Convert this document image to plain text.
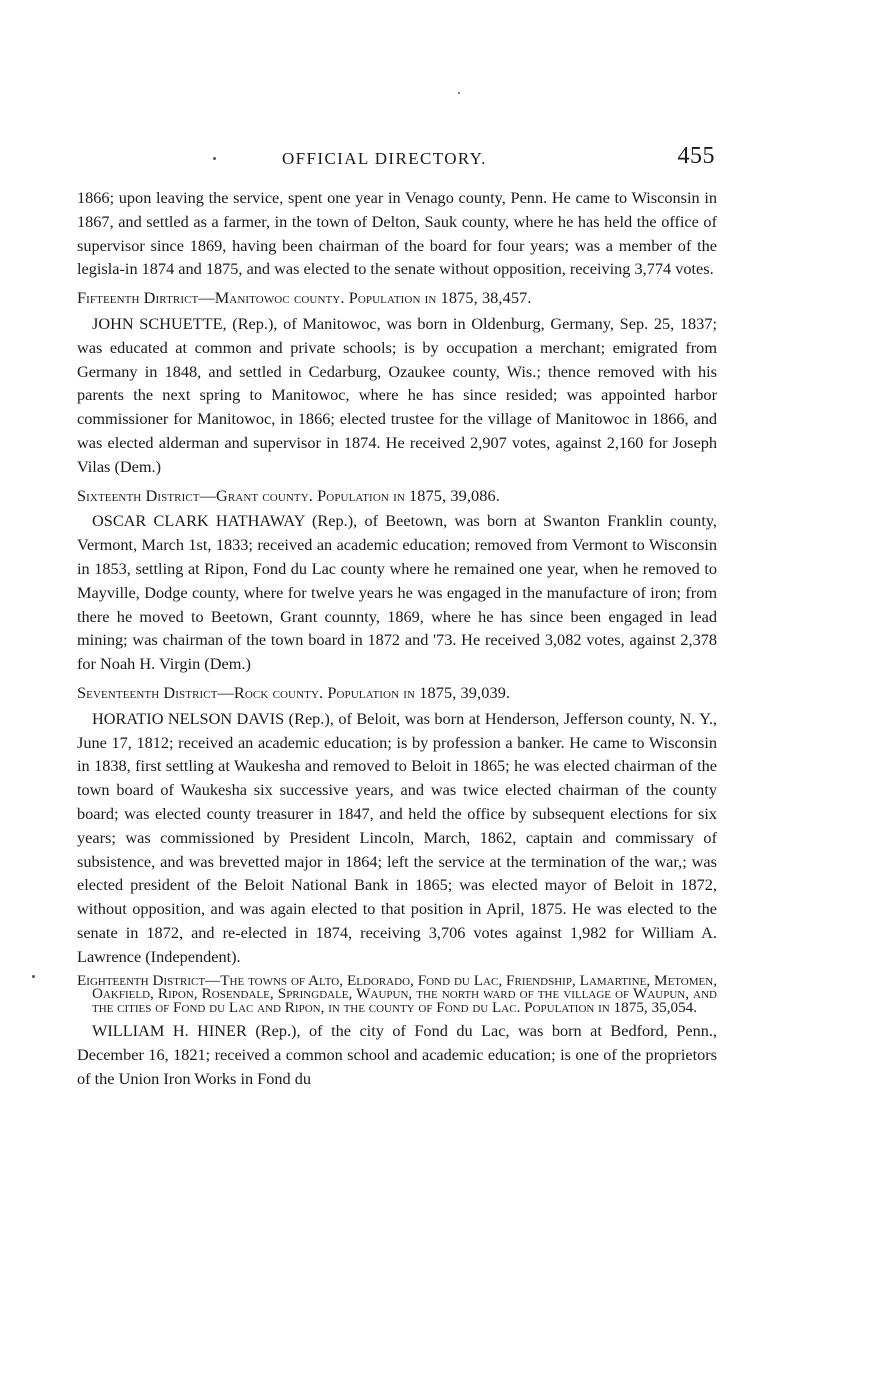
OFFICIAL DIRECTORY.	455

1866; upon leaving the service, spent one year in Venago county, Penn. He came to Wisconsin in 1867, and settled as a farmer, in the town of Delton, Sauk county, where he has held the office of supervisor since 1869, having been chairman of the board for four years; was a member of the legisla-in 1874 and 1875, and was elected to the senate without opposition, receiving 3,774 votes.

Fifteenth Dirtrict—Manitowoc county. Population in 1875, 38,457.

JOHN SCHUETTE, (Rep.), of Manitowoc, was born in Oldenburg, Germany, Sep. 25, 1837; was educated at common and private schools; is by occupation a merchant; emigrated from Germany in 1848, and settled in Cedarburg, Ozaukee county, Wis.; thence removed with his parents the next spring to Manitowoc, where he has since resided; was appointed harbor commissioner for Manitowoc, in 1866; elected trustee for the village of Manitowoc in 1866, and was elected alderman and supervisor in 1874. He received 2,907 votes, against 2,160 for Joseph Vilas (Dem.)

Sixteenth District—Grant county. Population in 1875, 39,086.

OSCAR CLARK HATHAWAY (Rep.), of Beetown, was born at Swanton Franklin county, Vermont, March 1st, 1833; received an academic education; removed from Vermont to Wisconsin in 1853, settling at Ripon, Fond du Lac county where he remained one year, when he removed to Mayville, Dodge county, where for twelve years he was engaged in the manufacture of iron; from there he moved to Beetown, Grant counnty, 1869, where he has since been engaged in lead mining; was chairman of the town board in 1872 and '73. He received 3,082 votes, against 2,378 for Noah H. Virgin (Dem.)

Seventeenth District—Rock county. Population in 1875, 39,039.

HORATIO NELSON DAVIS (Rep.), of Beloit, was born at Henderson, Jefferson county, N. Y., June 17, 1812; received an academic education; is by profession a banker. He came to Wisconsin in 1838, first settling at Waukesha and removed to Beloit in 1865; he was elected chairman of the town board of Waukesha six successive years, and was twice elected chairman of the county board; was elected county treasurer in 1847, and held the office by subsequent elections for six years; was commissioned by President Lincoln, March, 1862, captain and commissary of subsistence, and was brevetted major in 1864; left the service at the termination of the war,; was elected president of the Beloit National Bank in 1865; was elected mayor of Beloit in 1872, without opposition, and was again elected to that position in April, 1875. He was elected to the senate in 1872, and re-elected in 1874, receiving 3,706 votes against 1,982 for William A. Lawrence (Independent).

Eighteenth District—The towns of Alto, Eldorado, Fond du Lac, Friendship, Lamartine, Metomen, Oakfield, Ripon, Rosendale, Springdale, Waupun, the north ward of the village of Waupun, and the cities of Fond du Lac and Ripon, in the county of Fond du Lac. Population in 1875, 35,054.

WILLIAM H. HINER (Rep.), of the city of Fond du Lac, was born at Bedford, Penn., December 16, 1821; received a common school and academic education; is one of the proprietors of the Union Iron Works in Fond du
